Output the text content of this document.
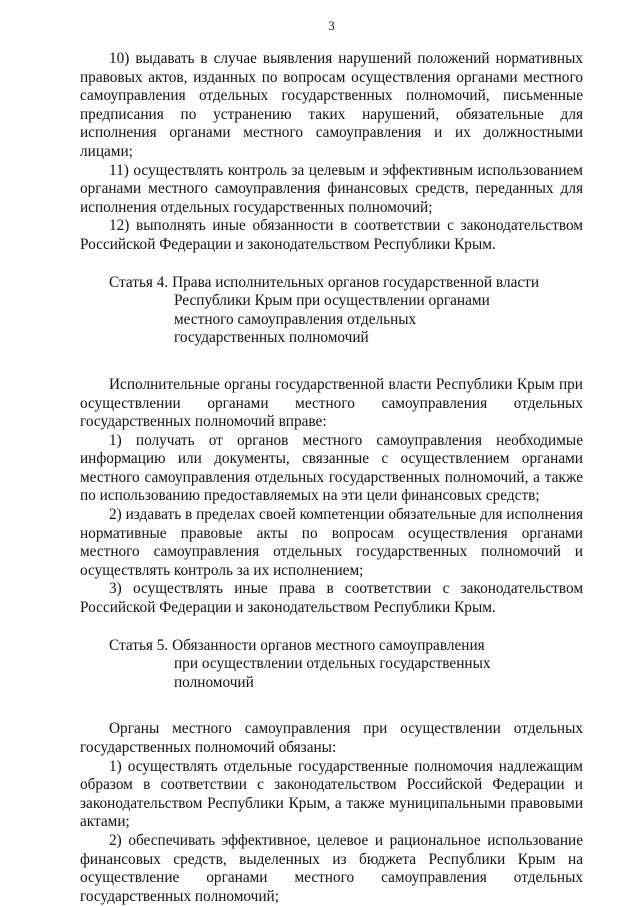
3

10) выдавать в случае выявления нарушений положений нормативных правовых актов, изданных по вопросам осуществления органами местного самоуправления отдельных государственных полномочий, письменные предписания по устранению таких нарушений, обязательные для исполнения органами местного самоуправления и их должностными лицами;

11) осуществлять контроль за целевым и эффективным использованием органами местного самоуправления финансовых средств, переданных для исполнения отдельных государственных полномочий;

12) выполнять иные обязанности в соответствии с законодательством Российской Федерации и законодательством Республики Крым.

Статья 4. Права исполнительных органов государственной власти
Республики Крым при осуществлении органами
местного самоуправления отдельных
государственных полномочий

Исполнительные органы государственной власти Республики Крым при осуществлении органами местного самоуправления отдельных государственных полномочий вправе:

1) получать от органов местного самоуправления необходимые информацию или документы, связанные с осуществлением органами местного самоуправления отдельных государственных полномочий, а также по использованию предоставляемых на эти цели финансовых средств;

2) издавать в пределах своей компетенции обязательные для исполнения нормативные правовые акты по вопросам осуществления органами местного самоуправления отдельных государственных полномочий и осуществлять контроль за их исполнением;

3) осуществлять иные права в соответствии с законодательством Российской Федерации и законодательством Республики Крым.

Статья 5. Обязанности органов местного самоуправления
при осуществлении отдельных государственных
полномочий

Органы местного самоуправления при осуществлении отдельных государственных полномочий обязаны:

1) осуществлять отдельные государственные полномочия надлежащим образом в соответствии с законодательством Российской Федерации и законодательством Республики Крым, а также муниципальными правовыми актами;

2) обеспечивать эффективное, целевое и рациональное использование финансовых средств, выделенных из бюджета Республики Крым на осуществление органами местного самоуправления отдельных государственных полномочий;
